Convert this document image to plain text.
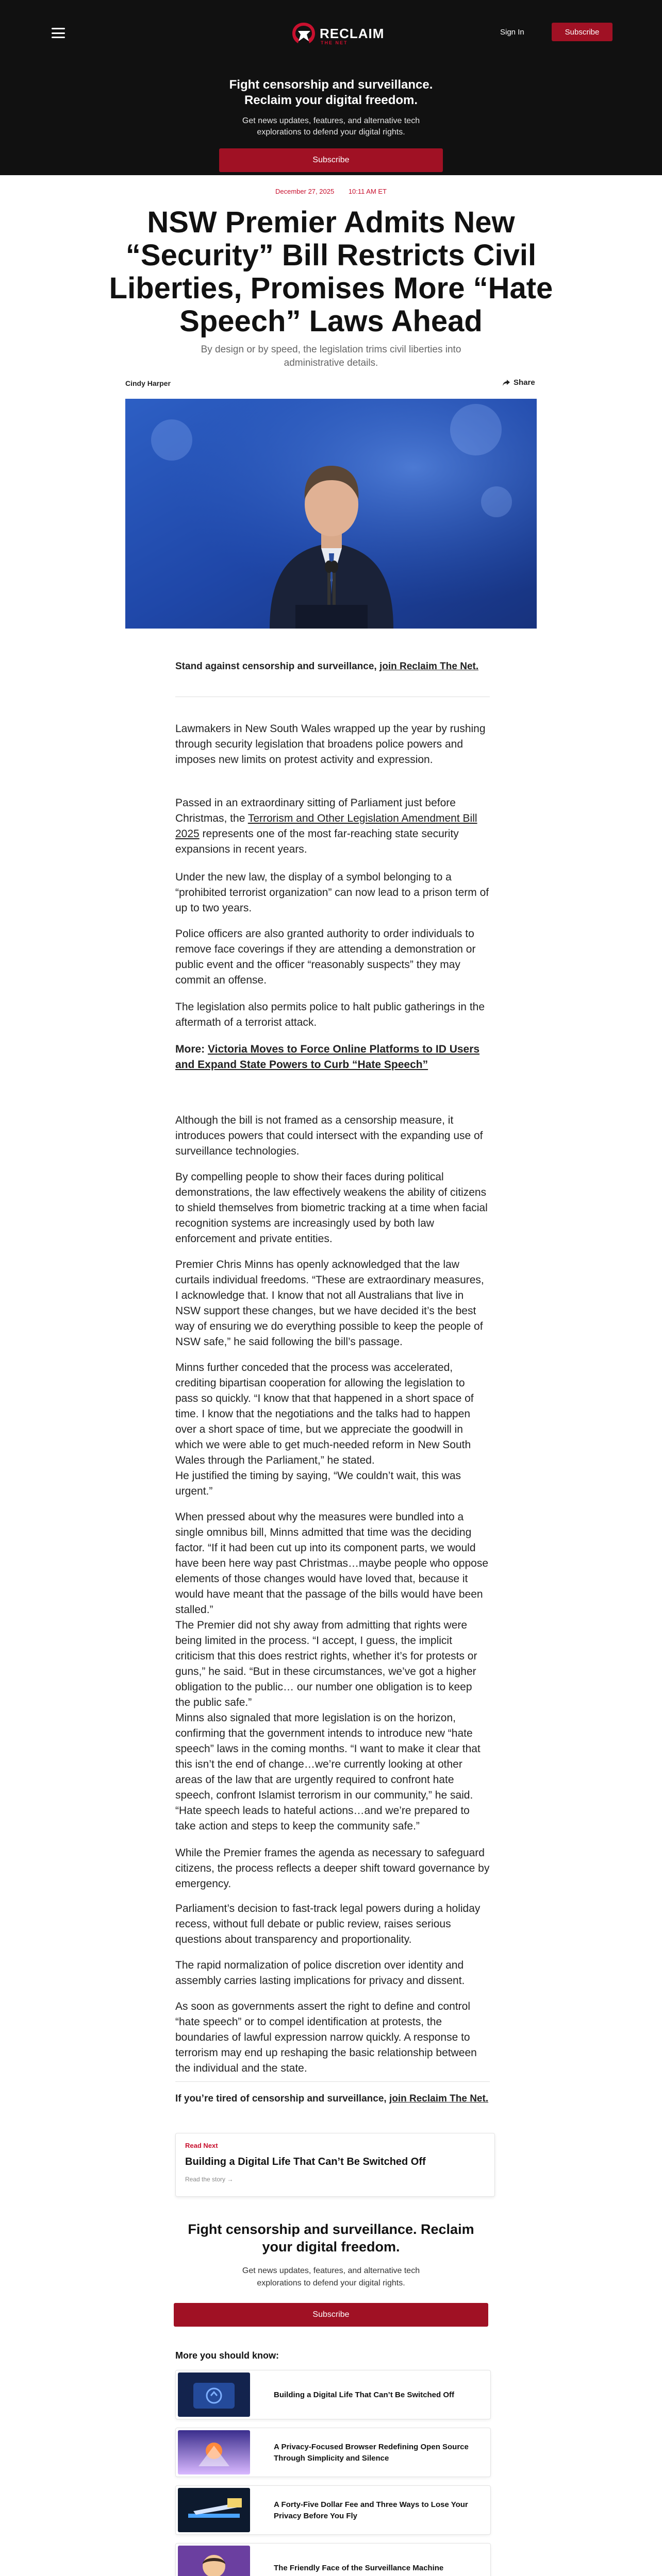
RECLAIM
THE NET
Sign In	Subscribe
Fight censorship and surveillance. Reclaim your digital freedom.

Get news updates, features, and alternative tech explorations to defend your digital rights.

Subscribe
December 27, 2025 10:11 AM ET
NSW Premier Admits New “Security” Bill Restricts Civil Liberties, Promises More “Hate Speech” Laws Ahead

By design or by speed, the legislation trims civil liberties into administrative details.

Cindy Harper	Share

Stand against censorship and surveillance, join Reclaim The Net.

Lawmakers in New South Wales wrapped up the year by rushing through security legislation that broadens police powers and imposes new limits on protest activity and expression.

Passed in an extraordinary sitting of Parliament just before Christmas, the Terrorism and Other Legislation Amendment Bill 2025 represents one of the most far-reaching state security expansions in recent years.

Under the new law, the display of a symbol belonging to a “prohibited terrorist organization” can now lead to a prison term of up to two years.

Police officers are also granted authority to order individuals to remove face coverings if they are attending a demonstration or public event and the officer “reasonably suspects” they may commit an offense.

The legislation also permits police to halt public gatherings in the aftermath of a terrorist attack.

More: Victoria Moves to Force Online Platforms to ID Users and Expand State Powers to Curb “Hate Speech”

Although the bill is not framed as a censorship measure, it introduces powers that could intersect with the expanding use of surveillance technologies.

By compelling people to show their faces during political demonstrations, the law effectively weakens the ability of citizens to shield themselves from biometric tracking at a time when facial recognition systems are increasingly used by both law enforcement and private entities.

Premier Chris Minns has openly acknowledged that the law curtails individual freedoms. “These are extraordinary measures, I acknowledge that. I know that not all Australians that live in NSW support these changes, but we have decided it’s the best way of ensuring we do everything possible to keep the people of NSW safe,” he said following the bill’s passage.

Minns further conceded that the process was accelerated, crediting bipartisan cooperation for allowing the legislation to pass so quickly. “I know that that happened in a short space of time. I know that the negotiations and the talks had to happen over a short space of time, but we appreciate the goodwill in which we were able to get much-needed reform in New South Wales through the Parliament,” he stated.

He justified the timing by saying, “We couldn’t wait, this was urgent.”

When pressed about why the measures were bundled into a single omnibus bill, Minns admitted that time was the deciding factor. “If it had been cut up into its component parts, we would have been here way past Christmas…maybe people who oppose elements of those changes would have loved that, because it would have meant that the passage of the bills would have been stalled.”

The Premier did not shy away from admitting that rights were being limited in the process. “I accept, I guess, the implicit criticism that this does restrict rights, whether it’s for protests or guns,” he said. “But in these circumstances, we’ve got a higher obligation to the public… our number one obligation is to keep the public safe.”

Minns also signaled that more legislation is on the horizon, confirming that the government intends to introduce new “hate speech” laws in the coming months. “I want to make it clear that this isn’t the end of change…we’re currently looking at other areas of the law that are urgently required to confront hate speech, confront Islamist terrorism in our community,” he said. “Hate speech leads to hateful actions…and we’re prepared to take action and steps to keep the community safe.”

While the Premier frames the agenda as necessary to safeguard citizens, the process reflects a deeper shift toward governance by emergency.

Parliament’s decision to fast-track legal powers during a holiday recess, without full debate or public review, raises serious questions about transparency and proportionality.

The rapid normalization of police discretion over identity and assembly carries lasting implications for privacy and dissent.

As soon as governments assert the right to define and control “hate speech” or to compel identification at protests, the boundaries of lawful expression narrow quickly. A response to terrorism may end up reshaping the basic relationship between the individual and the state.

If you’re tired of censorship and surveillance, join Reclaim The Net.

Read Next
Building a Digital Life That Can’t Be Switched Off
Read the story →
Fight censorship and surveillance. Reclaim your digital freedom.

Get news updates, features, and alternative tech explorations to defend your digital rights.

Subscribe
More you should know:
Building a Digital Life That Can’t Be Switched Off
A Privacy-Focused Browser Redefining Open Source Through Simplicity and Silence
A Forty-Five Dollar Fee and Three Ways to Lose Your Privacy Before You Fly
The Friendly Face of the Surveillance Machine
